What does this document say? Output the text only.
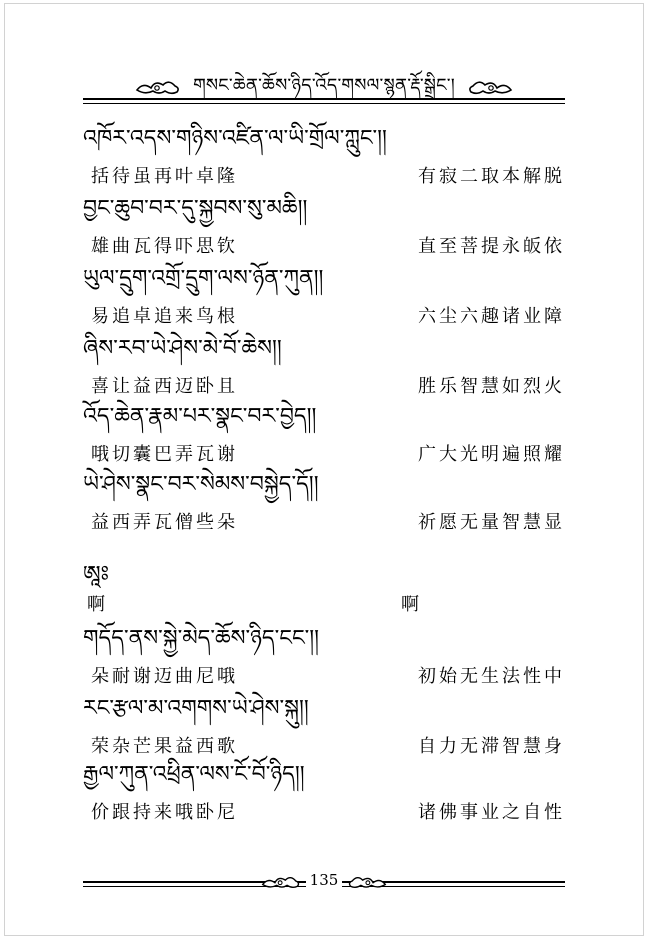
གསང་ཆེན་ཆོས་ཉིད་འོད་གསལ་སྙན་རྡོ་སྒྲིང་།
འཁོར་འདས་གཉིས་འཛིན་ལ་ཡི་གྲོལ་ཀླུང་།།
括待虽再叶卓隆	有寂二取本解脱
བྱང་ཆུབ་བར་དུ་སྐྱབས་སུ་མཆི།།
雄曲瓦得吓思钦	直至菩提永皈依
ཡུལ་དྲུག་འགྲོ་དྲུག་ལས་ཉོན་ཀུན།།
易追卓追来鸟根	六尘六趣诸业障
ཞིས་རབ་ཡེ་ཤེས་མེ་བོ་ཆེས།།
喜让益西迈卧且	胜乐智慧如烈火
འོད་ཆེན་རྣམ་པར་སྣང་བར་བྱེད།།
哦切囊巴弄瓦谢	广大光明遍照耀
ཡེ་ཤེས་སྣང་བར་སེམས་བསྐྱེད་དོ།།
益西弄瓦僧些朵	祈愿无量智慧显
ཨཱཿ
啊	啊
གདོད་ནས་སྐྱེ་མེད་ཆོས་ཉིད་ངང་།།
朵耐谢迈曲尼哦	初始无生法性中
རང་རྩལ་མ་འགགས་ཡེ་ཤེས་སྐུ།།
荣杂芒果益西歌	自力无滞智慧身
རྒྱལ་ཀུན་འཕྲིན་ལས་ངོ་བོ་ཉིད།།
价跟持来哦卧尼	诸佛事业之自性
135
